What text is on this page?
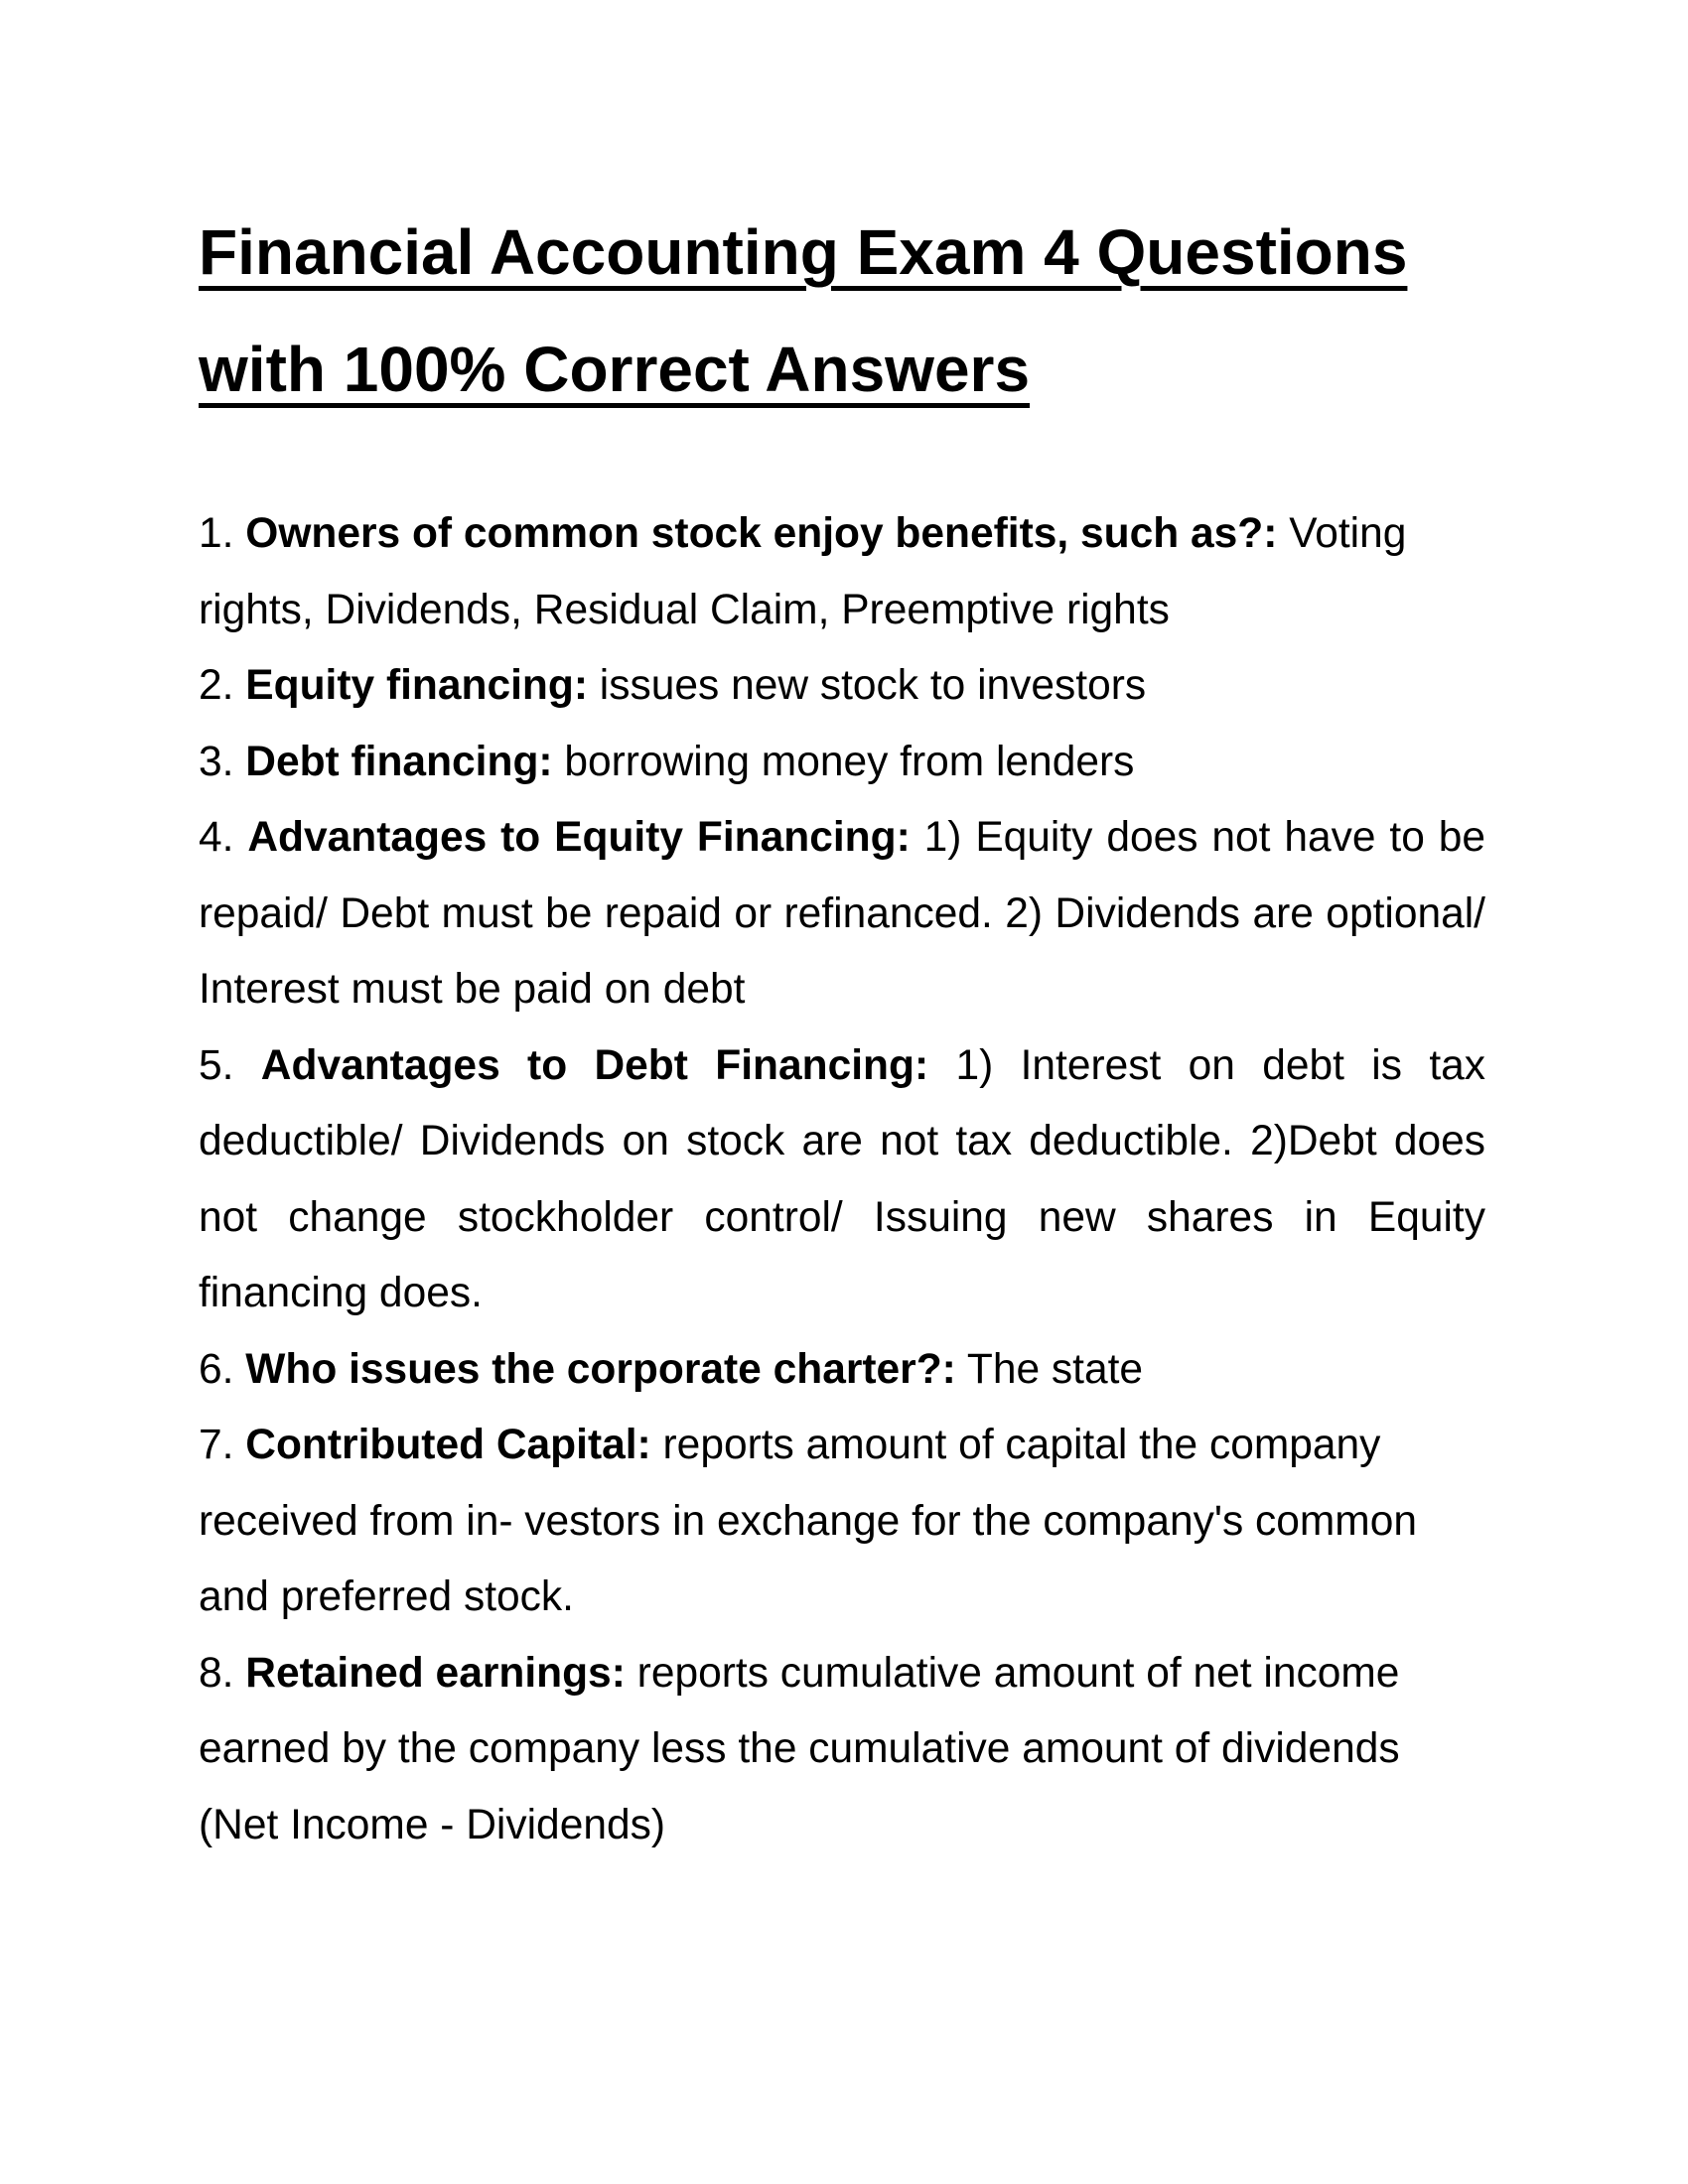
Financial Accounting Exam 4 Questions
with 100% Correct Answers
1. Owners of common stock enjoy benefits, such as?: Voting rights, Dividends, Residual Claim, Preemptive rights
2. Equity financing: issues new stock to investors
3. Debt financing: borrowing money from lenders
4. Advantages to Equity Financing: 1) Equity does not have to be repaid/ Debt must be repaid or refinanced. 2) Dividends are optional/ Interest must be paid on debt
5. Advantages to Debt Financing: 1) Interest on debt is tax deductible/ Dividends on stock are not tax deductible. 2)Debt does not change stockholder control/ Issuing new shares in Equity financing does.
6. Who issues the corporate charter?: The state
7. Contributed Capital: reports amount of capital the company received from in- vestors in exchange for the company's common and preferred stock.
8. Retained earnings: reports cumulative amount of net income earned by the company less the cumulative amount of dividends (Net Income - Dividends)
